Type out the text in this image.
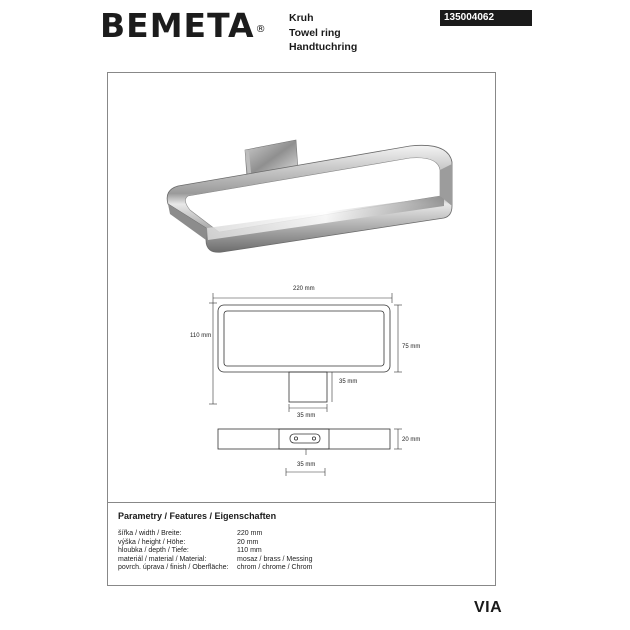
BEMETA®
Kruh
Towel ring
Handtuchring
135004062
220 mm
110 mm
75 mm
35 mm
35 mm
20 mm
35 mm
Parametry / Features / Eigenschaften
šířka / width / Breite:	220 mm
výška / height / Höhe:	20 mm
hloubka / depth / Tiefe:	110 mm
materiál / material / Material:	mosaz / brass / Messing
povrch. úprava / finish / Oberfläche: chrom / chrome / Chrom
VIA
